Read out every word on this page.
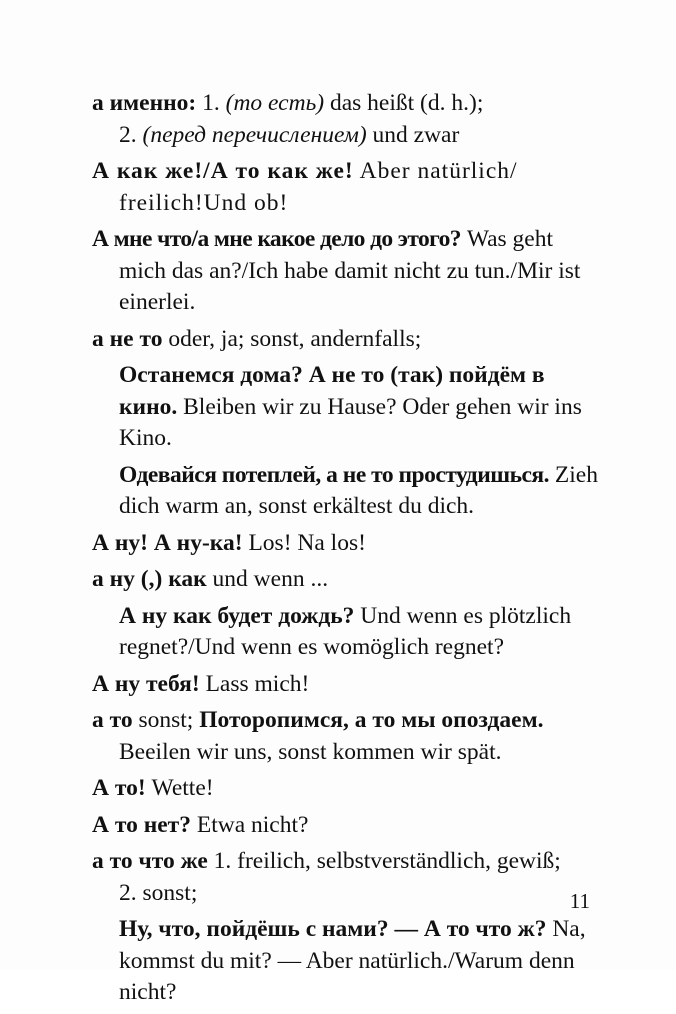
а именно: 1. (то есть) das heißt (d. h.);
2. (перед перечислением) und zwar
А как же!/А то как же! Aber natürlich/ freilich!Und ob!
А мне что/а мне какое дело до этого? Was geht mich das an?/Ich habe damit nicht zu tun./Mir ist einerlei.
а не то oder, ja; sonst, andernfalls;
Останемся дома? А не то (так) пойдём в кино. Bleiben wir zu Hause? Oder gehen wir ins Kino.
Одевайся потеплей, а не то простудишься. Zieh dich warm an, sonst erkältest du dich.
А ну! А ну-ка! Los! Na los!
а ну (,) как und wenn ...
А ну как будет дождь? Und wenn es plötzlich regnet?/Und wenn es womöglich regnet?
А ну тебя! Lass mich!
а то sonst; Поторопимся, а то мы опоздаем. Beeilen wir uns, sonst kommen wir spät.
А то! Wette!
А то нет? Etwa nicht?
а то что же 1. freilich, selbstverständlich, gewiß;
2. sonst;
Ну, что, пойдёшь с нами? — А то что ж? Na, kommst du mit? — Aber natürlich./Warum denn nicht?
11
